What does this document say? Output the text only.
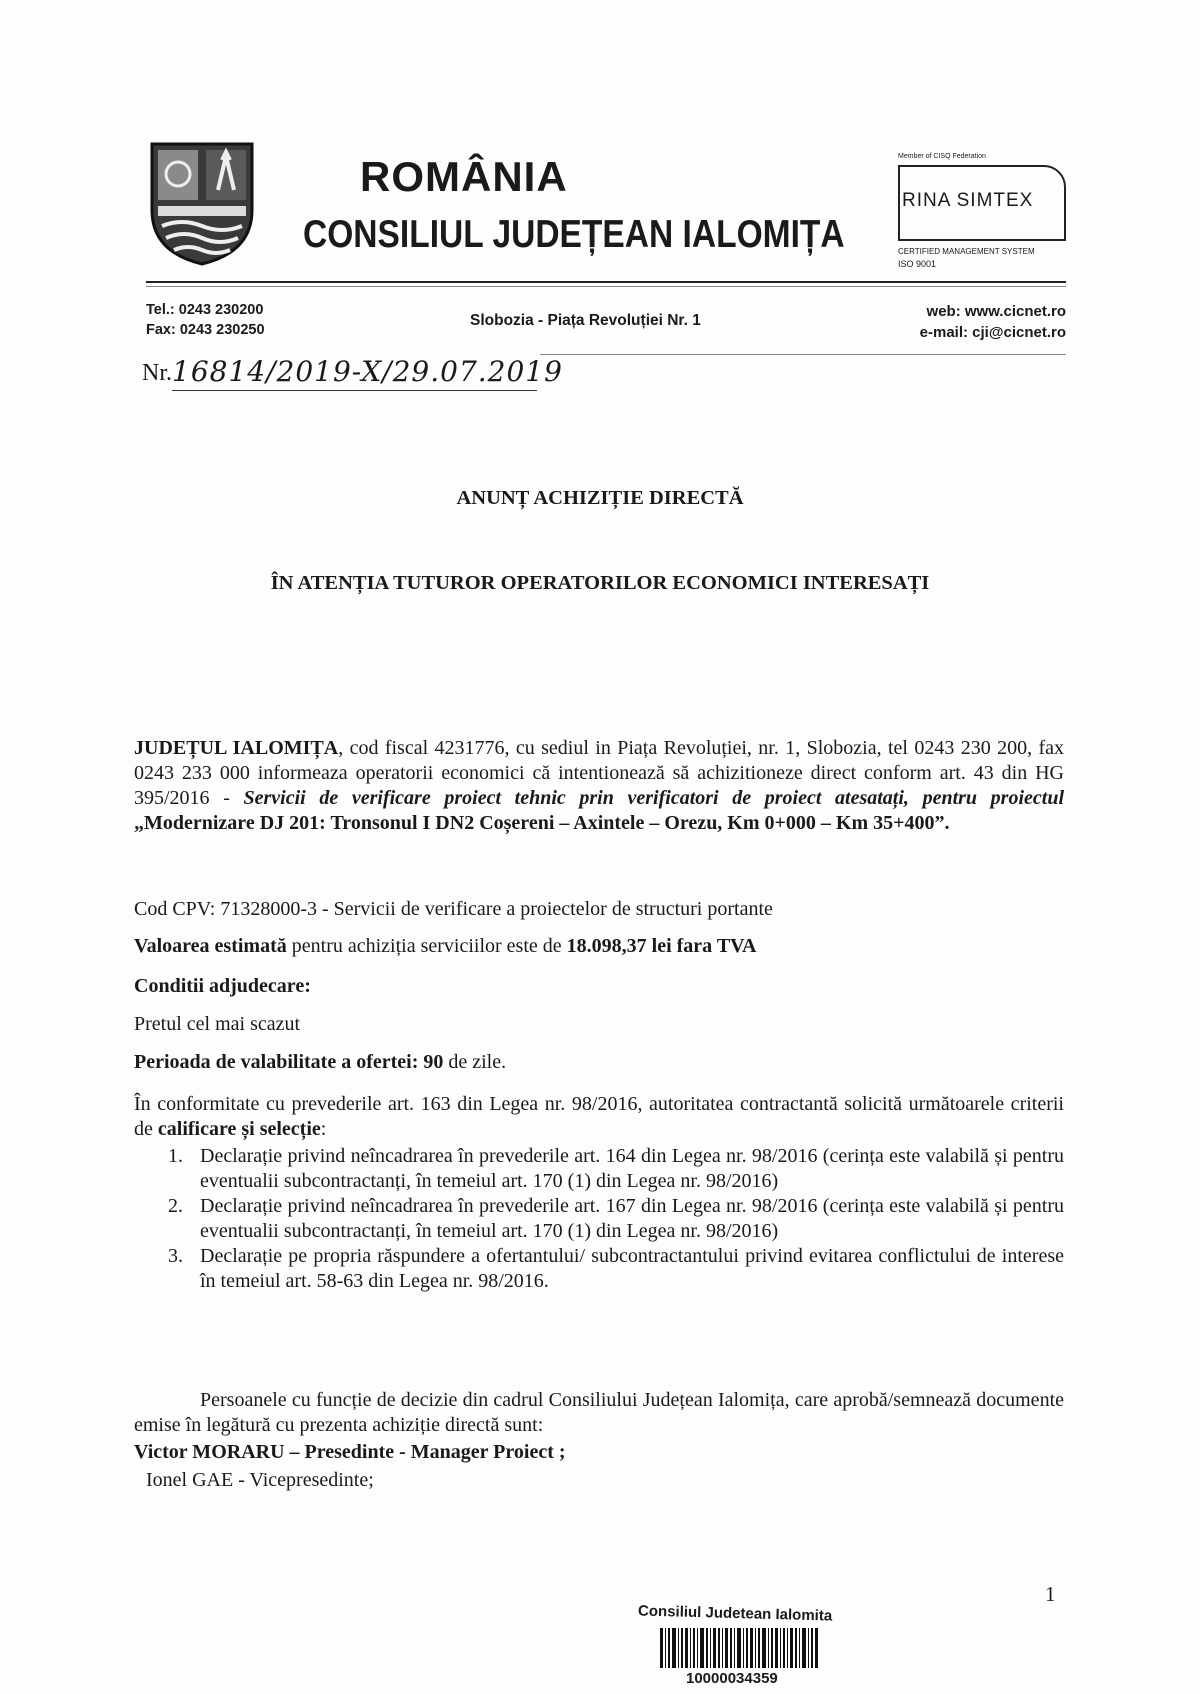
ROMÂNIA
CONSILIUL JUDEȚEAN IALOMIȚA
Member of CISQ Federation
RINA SIMTEX
CERTIFIED MANAGEMENT SYSTEM
ISO 9001
Tel.: 0243 230200
Fax: 0243 230250
Slobozia - Piața Revoluției Nr. 1
web: www.cicnet.ro
e-mail: cji@cicnet.ro
Nr. 16814/2019-X/29.07.2019
ANUNȚ ACHIZIȚIE DIRECTĂ
ÎN ATENȚIA TUTUROR OPERATORILOR ECONOMICI INTERESAȚI
JUDEȚUL IALOMIȚA, cod fiscal 4231776, cu sediul in Piața Revoluției, nr. 1, Slobozia, tel 0243 230 200, fax 0243 233 000 informeaza operatorii economici că intentionează să achizitioneze direct conform art. 43 din HG 395/2016 - Servicii de verificare proiect tehnic prin verificatori de proiect atesatați, pentru proiectul „Modernizare DJ 201: Tronsonul I DN2 Coșereni – Axintele – Orezu, Km 0+000 – Km 35+400”.
Cod CPV: 71328000-3 - Servicii de verificare a proiectelor de structuri portante
Valoarea estimată pentru achiziția serviciilor este de 18.098,37 lei fara TVA
Conditii adjudecare:
Pretul cel mai scazut
Perioada de valabilitate a ofertei: 90 de zile.
În conformitate cu prevederile art. 163 din Legea nr. 98/2016, autoritatea contractantă solicită următoarele criterii de calificare și selecție:
1. Declarație privind neîncadrarea în prevederile art. 164 din Legea nr. 98/2016 (cerința este valabilă și pentru eventualii subcontractanți, în temeiul art. 170 (1) din Legea nr. 98/2016)
2. Declarație privind neîncadrarea în prevederile art. 167 din Legea nr. 98/2016 (cerința este valabilă și pentru eventualii subcontractanți, în temeiul art. 170 (1) din Legea nr. 98/2016)
3. Declarație pe propria răspundere a ofertantului/ subcontractantului privind evitarea conflictului de interese în temeiul art. 58-63 din Legea nr. 98/2016.
Persoanele cu funcție de decizie din cadrul Consiliului Județean Ialomița, care aprobă/semnează documente emise în legătură cu prezenta achiziție directă sunt:
Victor MORARU – Presedinte - Manager Proiect ;
Ionel GAE - Vicepresedinte;
1
Consiliul Judetean Ialomita
10000034359
